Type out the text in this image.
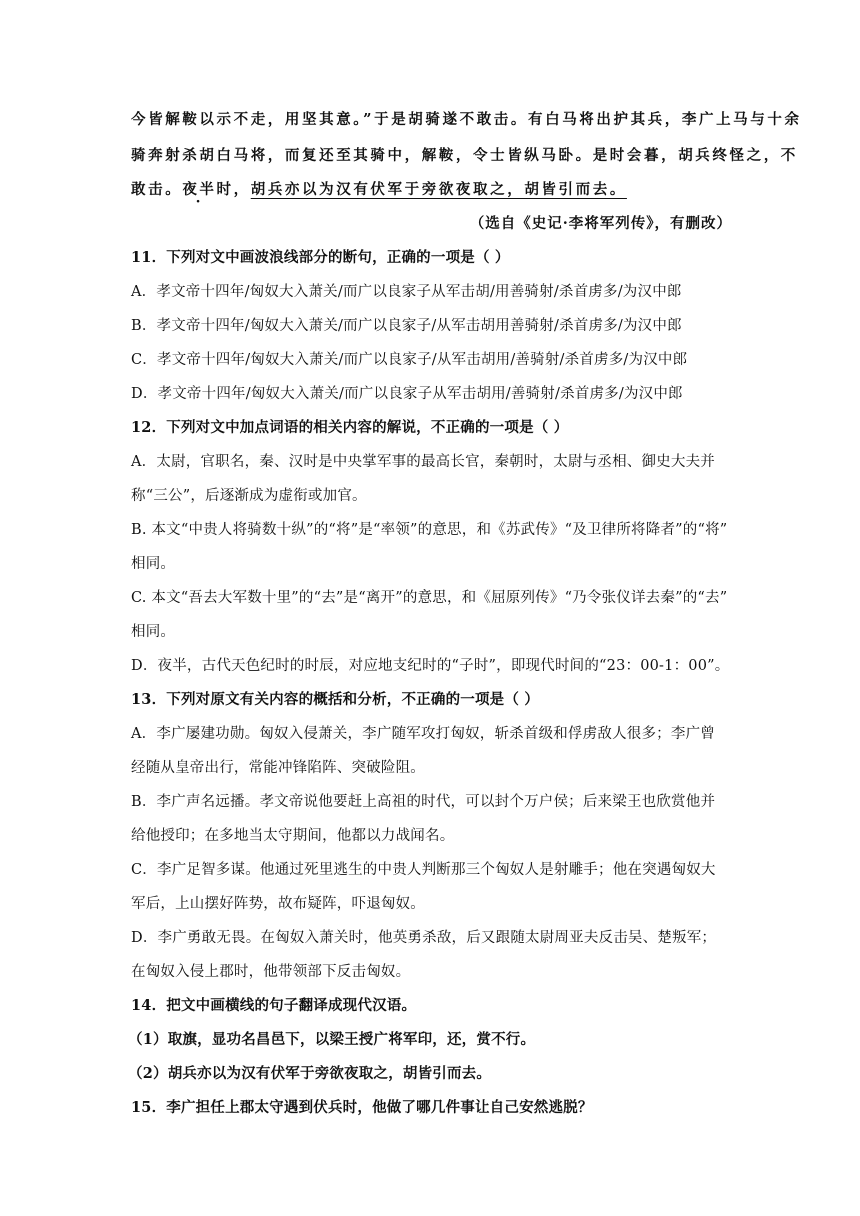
今皆解鞍以示不走，用坚其意。”于是胡骑遂不敢击。有白马将出护其兵，李广上马与十余
骑奔射杀胡白马将，而复还至其骑中，解鞍，令士皆纵马卧。是时会暮，胡兵终怪之，不
敢击。夜半时，胡兵亦以为汉有伏军于旁欲夜取之，胡皆引而去。
（选自《史记·李将军列传》，有删改）
11．下列对文中画波浪线部分的断句，正确的一项是（ ）
A．孝文帝十四年/匈奴大入萧关/而广以良家子从军击胡/用善骑射/杀首虏多/为汉中郎
B．孝文帝十四年/匈奴大入萧关/而广以良家子/从军击胡用善骑射/杀首虏多/为汉中郎
C．孝文帝十四年/匈奴大入萧关/而广以良家子/从军击胡用/善骑射/杀首虏多/为汉中郎
D．孝文帝十四年/匈奴大入萧关/而广以良家子从军击胡用/善骑射/杀首虏多/为汉中郎
12．下列对文中加点词语的相关内容的解说，不正确的一项是（ ）
A．太尉，官职名，秦、汉时是中央掌军事的最高长官，秦朝时，太尉与丞相、御史大夫并
称“三公”，后逐渐成为虚衔或加官。
B. 本文“中贵人将骑数十纵”的“将”是“率领”的意思，和《苏武传》“及卫律所将降者”的“将”
相同。
C. 本文“吾去大军数十里”的“去”是“离开”的意思，和《屈原列传》“乃令张仪详去秦”的“去”
相同。
D．夜半，古代天色纪时的时辰，对应地支纪时的“子时”，即现代时间的“23：00-1：00”。
13．下列对原文有关内容的概括和分析，不正确的一项是（ ）
A．李广屡建功勋。匈奴入侵萧关，李广随军攻打匈奴，斩杀首级和俘虏敌人很多；李广曾
经随从皇帝出行，常能冲锋陷阵、突破险阻。
B．李广声名远播。孝文帝说他要赶上高祖的时代，可以封个万户侯；后来梁王也欣赏他并
给他授印；在多地当太守期间，他都以力战闻名。
C．李广足智多谋。他通过死里逃生的中贵人判断那三个匈奴人是射雕手；他在突遇匈奴大
军后，上山摆好阵势，故布疑阵，吓退匈奴。
D．李广勇敢无畏。在匈奴入萧关时，他英勇杀敌，后又跟随太尉周亚夫反击吴、楚叛军；
在匈奴入侵上郡时，他带领部下反击匈奴。
14．把文中画横线的句子翻译成现代汉语。
（1）取旗，显功名昌邑下，以梁王授广将军印，还，赏不行。
（2）胡兵亦以为汉有伏军于旁欲夜取之，胡皆引而去。
15．李广担任上郡太守遇到伏兵时，他做了哪几件事让自己安然逃脱？
